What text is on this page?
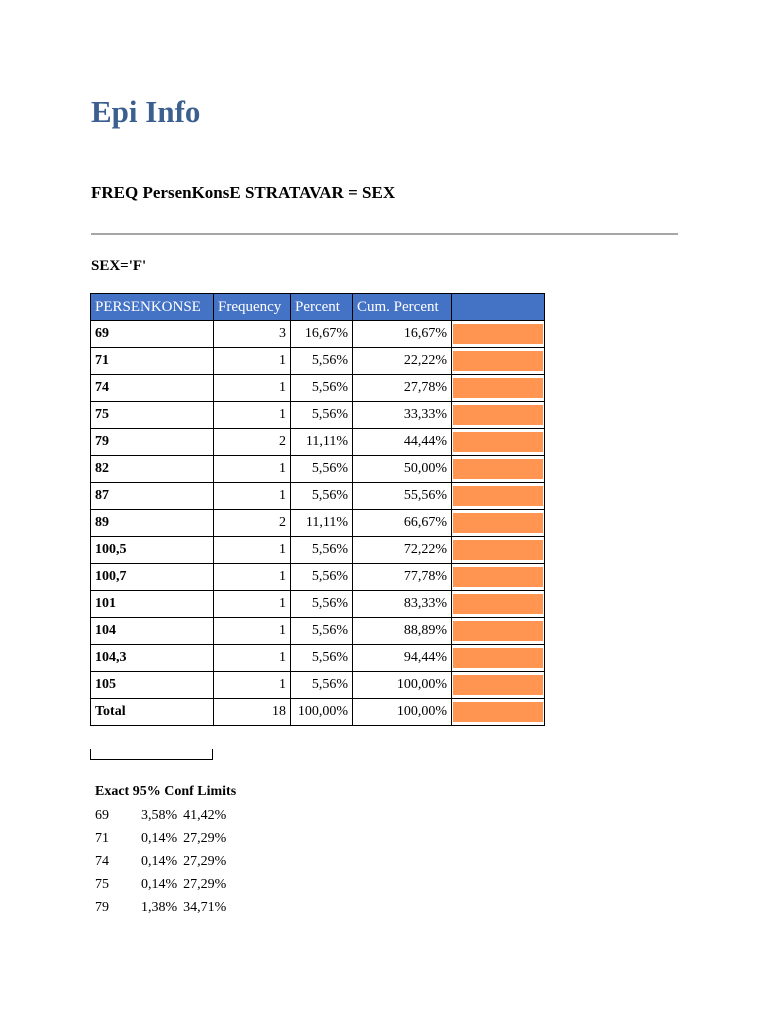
Epi Info
FREQ PersenKonsE STRATAVAR = SEX
SEX='F'
PERSENKONSE	Frequency	Percent	Cum. Percent	
69	3	16,67%	16,67%	

71	1	5,56%	22,22%	

74	1	5,56%	27,78%	

75	1	5,56%	33,33%	

79	2	11,11%	44,44%	

82	1	5,56%	50,00%	

87	1	5,56%	55,56%	

89	2	11,11%	66,67%	

100,5	1	5,56%	72,22%	

100,7	1	5,56%	77,78%	

101	1	5,56%	83,33%	

104	1	5,56%	88,89%	

104,3	1	5,56%	94,44%	

105	1	5,56%	100,00%	

Total	18	100,00%	100,00%	
Exact 95% Conf Limits
69	3,58%	41,42%
71	0,14%	27,29%
74	0,14%	27,29%
75	0,14%	27,29%
79	1,38%	34,71%
